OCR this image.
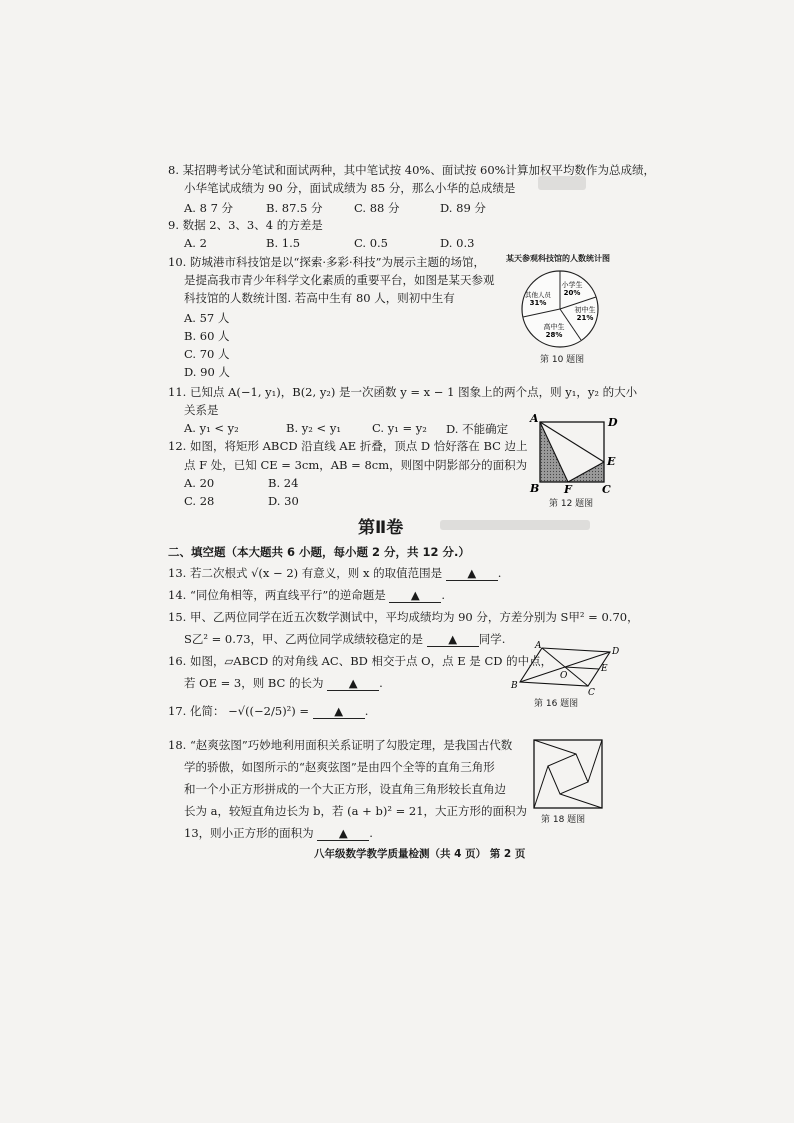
8. 某招聘考试分笔试和面试两种，其中笔试按 40%、面试按 60%计算加权平均数作为总成绩，
小华笔试成绩为 90 分，面试成绩为 85 分，那么小华的总成绩是
A. 8 7 分	B. 87.5 分	C. 88 分	D. 89 分
9. 数据 2、3、3、4 的方差是
A. 2	B. 1.5	C. 0.5	D. 0.3
10. 防城港市科技馆是以“探索·多彩·科技”为展示主题的场馆，
是提高我市青少年科学文化素质的重要平台，如图是某天参观
科技馆的人数统计图. 若高中生有 80 人，则初中生有
A. 57 人
B. 60 人
C. 70 人
D. 90 人
某天参观科技馆的人数统计图
小学生
20%
初中生
21%
高中生
28%
其他人员
31%
第 10 题图
11. 已知点 A(−1, y₁)，B(2, y₂) 是一次函数 y = x − 1 图象上的两个点，则 y₁，y₂ 的大小
关系是
A. y₁ < y₂	B. y₂ < y₁	C. y₁ = y₂ D. 不能确定
12. 如图，将矩形 ABCD 沿直线 AE 折叠，顶点 D 恰好落在 BC 边上
点 F 处，已知 CE = 3cm，AB = 8cm，则图中阴影部分的面积为
A. 20	B. 24
C. 28	D. 30
A	D
E
B F	C
第 12 题图
第Ⅱ卷
二、填空题（本大题共 6 小题，每小题 2 分，共 12 分.）
13. 若二次根式 √(x − 2) 有意义，则 x 的取值范围是 ▲ .
14. “同位角相等，两直线平行”的逆命题是 ▲ .
15. 甲、乙两位同学在近五次数学测试中，平均成绩均为 90 分，方差分别为 S甲² = 0.70，
S乙² = 0.73，甲、乙两位同学成绩较稳定的是 ▲ 同学.
16. 如图，▱ABCD 的对角线 AC、BD 相交于点 O，点 E 是 CD 的中点，
若 OE = 3，则 BC 的长为 ▲ .
A
D
E
O
B
C
第 16 题图
17. 化简： −√((−2/5)²) = ▲ .
18. “赵爽弦图”巧妙地利用面积关系证明了勾股定理，是我国古代数
学的骄傲，如图所示的“赵爽弦图”是由四个全等的直角三角形
和一个小正方形拼成的一个大正方形，设直角三角形较长直角边
长为 a，较短直角边长为 b，若 (a + b)² = 21，大正方形的面积为
13，则小正方形的面积为 ▲ .
第 18 题图
八年级数学教学质量检测（共 4 页） 第 2 页
